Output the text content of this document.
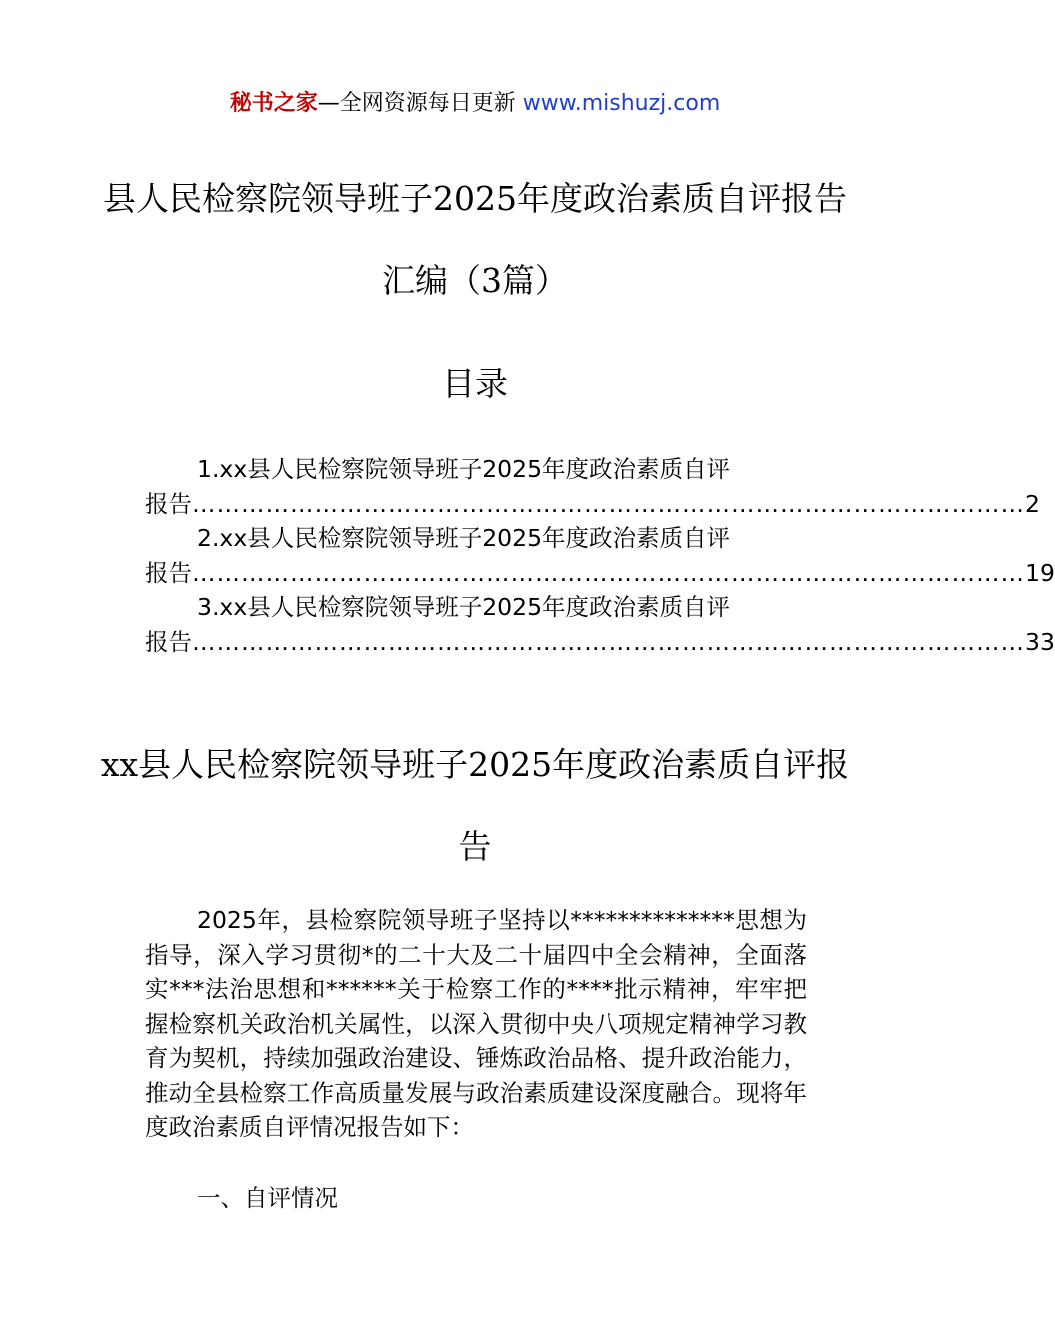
秘书之家—全网资源每日更新 www.mishuzj.com
县人民检察院领导班子2025年度政治素质自评报告汇编（3篇）
目录
1.xx县人民检察院领导班子2025年度政治素质自评
报告 ………………………………………………………………………………………… 2
2.xx县人民检察院领导班子2025年度政治素质自评
报告 ………………………………………………………………………………………… 19
3.xx县人民检察院领导班子2025年度政治素质自评
报告 ………………………………………………………………………………………… 33
xx县人民检察院领导班子2025年度政治素质自评报告

2025年，县检察院领导班子坚持以**************思想为指导，深入学习贯彻*的二十大及二十届四中全会精神，全面落实***法治思想和******关于检察工作的****批示精神，牢牢把握检察机关政治机关属性，以深入贯彻中央八项规定精神学习教育为契机，持续加强政治建设、锤炼政治品格、提升政治能力，推动全县检察工作高质量发展与政治素质建设深度融合。现将年度政治素质自评情况报告如下：

一、自评情况
